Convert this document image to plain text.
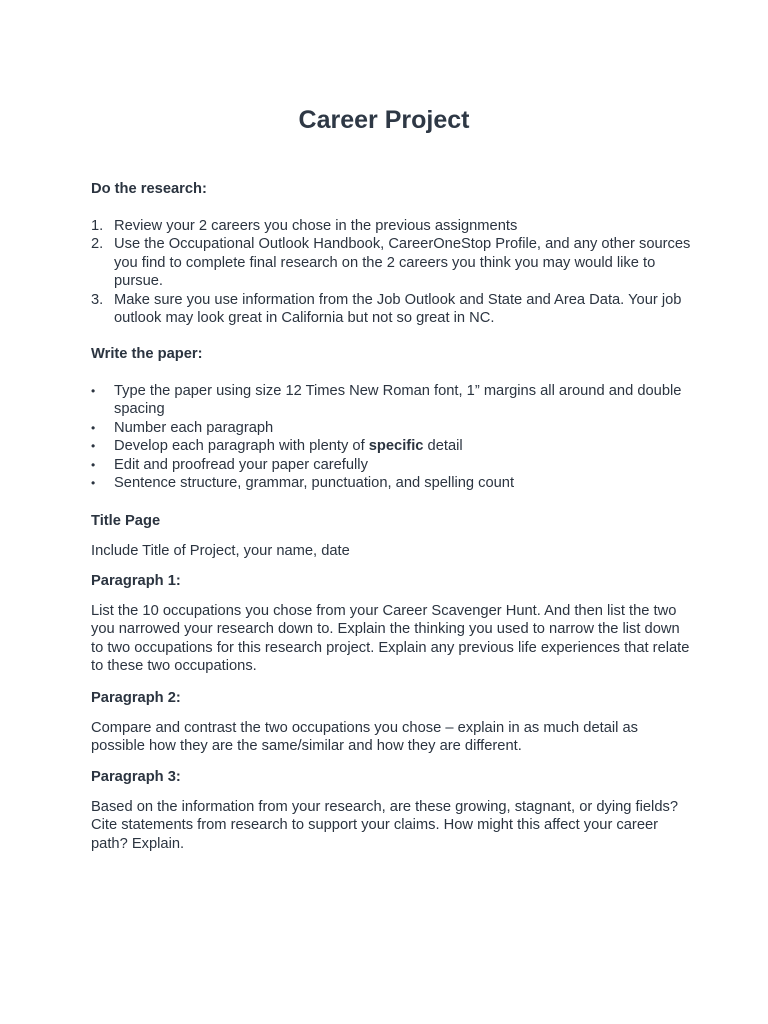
Career Project

Do the research:

1. Review your 2 careers you chose in the previous assignments
2. Use the Occupational Outlook Handbook, CareerOneStop Profile, and any other sources you find to complete final research on the 2 careers you think you may would like to pursue.
3. Make sure you use information from the Job Outlook and State and Area Data. Your job outlook may look great in California but not so great in NC.

Write the paper:

• Type the paper using size 12 Times New Roman font, 1” margins all around and double spacing
• Number each paragraph
• Develop each paragraph with plenty of specific detail
• Edit and proofread your paper carefully
• Sentence structure, grammar, punctuation, and spelling count

Title Page

Include Title of Project, your name, date

Paragraph 1:

List the 10 occupations you chose from your Career Scavenger Hunt. And then list the two you narrowed your research down to. Explain the thinking you used to narrow the list down to two occupations for this research project. Explain any previous life experiences that relate to these two occupations.

Paragraph 2:

Compare and contrast the two occupations you chose – explain in as much detail as possible how they are the same/similar and how they are different.

Paragraph 3:

Based on the information from your research, are these growing, stagnant, or dying fields? Cite statements from research to support your claims. How might this affect your career path? Explain.
